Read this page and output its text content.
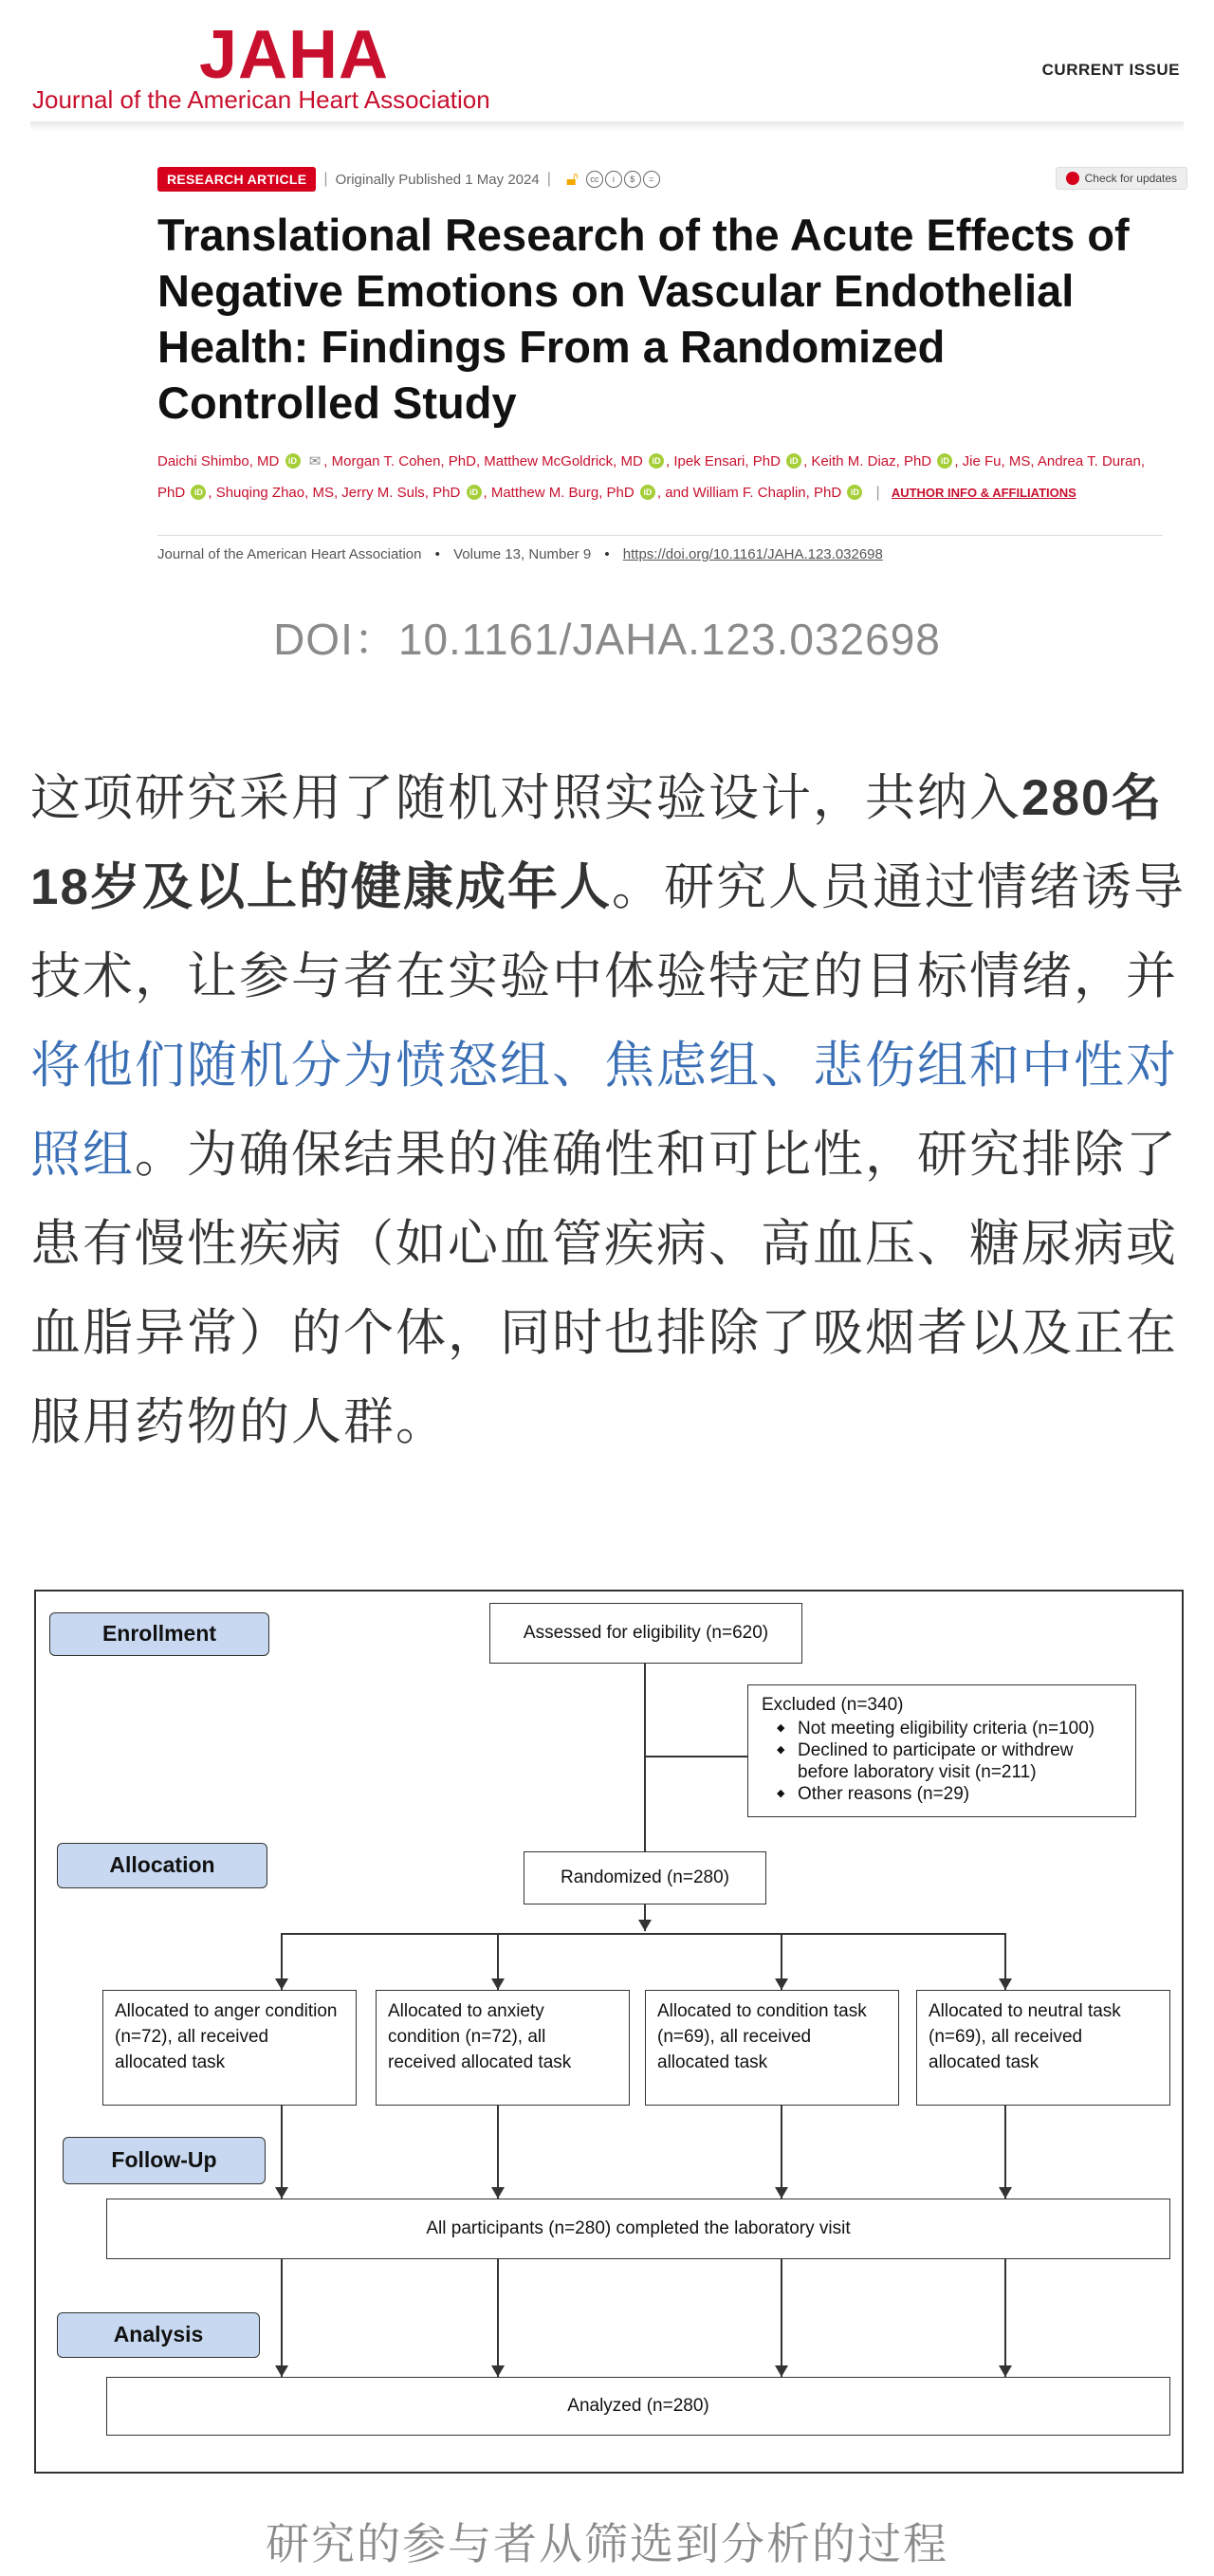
JAHA
Journal of the American Heart Association
CURRENT ISSUE
RESEARCH ARTICLE	| Originally Published 1 May 2024 | 🔓︎	cc	i	$	=	Check for updates
Translational Research of the Acute Effects of Negative Emotions on Vascular Endothelial Health: Findings From a Randomized Controlled Study
Daichi Shimbo, MD iD ✉ , Morgan T. Cohen, PhD, Matthew McGoldrick, MD iD , Ipek Ensari, PhD iD , Keith M. Diaz, PhD iD , Jie Fu, MS, Andrea T. Duran, PhD iD , Shuqing Zhao, MS, Jerry M. Suls, PhD iD , Matthew M. Burg, PhD iD , and William F. Chaplin, PhD iD | AUTHOR INFO & AFFILIATIONS
Journal of the American Heart Association • Volume 13, Number 9 • https://doi.org/10.1161/JAHA.123.032698
DOI：10.1161/JAHA.123.032698
这项研究采用了随机对照实验设计，共纳入280名18岁及以上的健康成年人。研究人员通过情绪诱导技术，让参与者在实验中体验特定的目标情绪，并将他们随机分为愤怒组、焦虑组、悲伤组和中性对照组。为确保结果的准确性和可比性，研究排除了患有慢性疾病（如心血管疾病、高血压、糖尿病或血脂异常）的个体，同时也排除了吸烟者以及正在服用药物的人群。
Enrollment
Allocation
Follow-Up
Analysis
Assessed for eligibility (n=620)
Excluded (n=340)
◆ Not meeting eligibility criteria (n=100)
◆ Declined to participate or withdrew before laboratory visit (n=211)
◆ Other reasons (n=29)
Randomized (n=280)
Allocated to anger condition (n=72), all received allocated task
Allocated to anxiety condition (n=72), all received allocated task
Allocated to condition task (n=69), all received allocated task
Allocated to neutral task (n=69), all received allocated task
All participants (n=280) completed the laboratory visit
Analyzed (n=280)
研究的参与者从筛选到分析的过程
